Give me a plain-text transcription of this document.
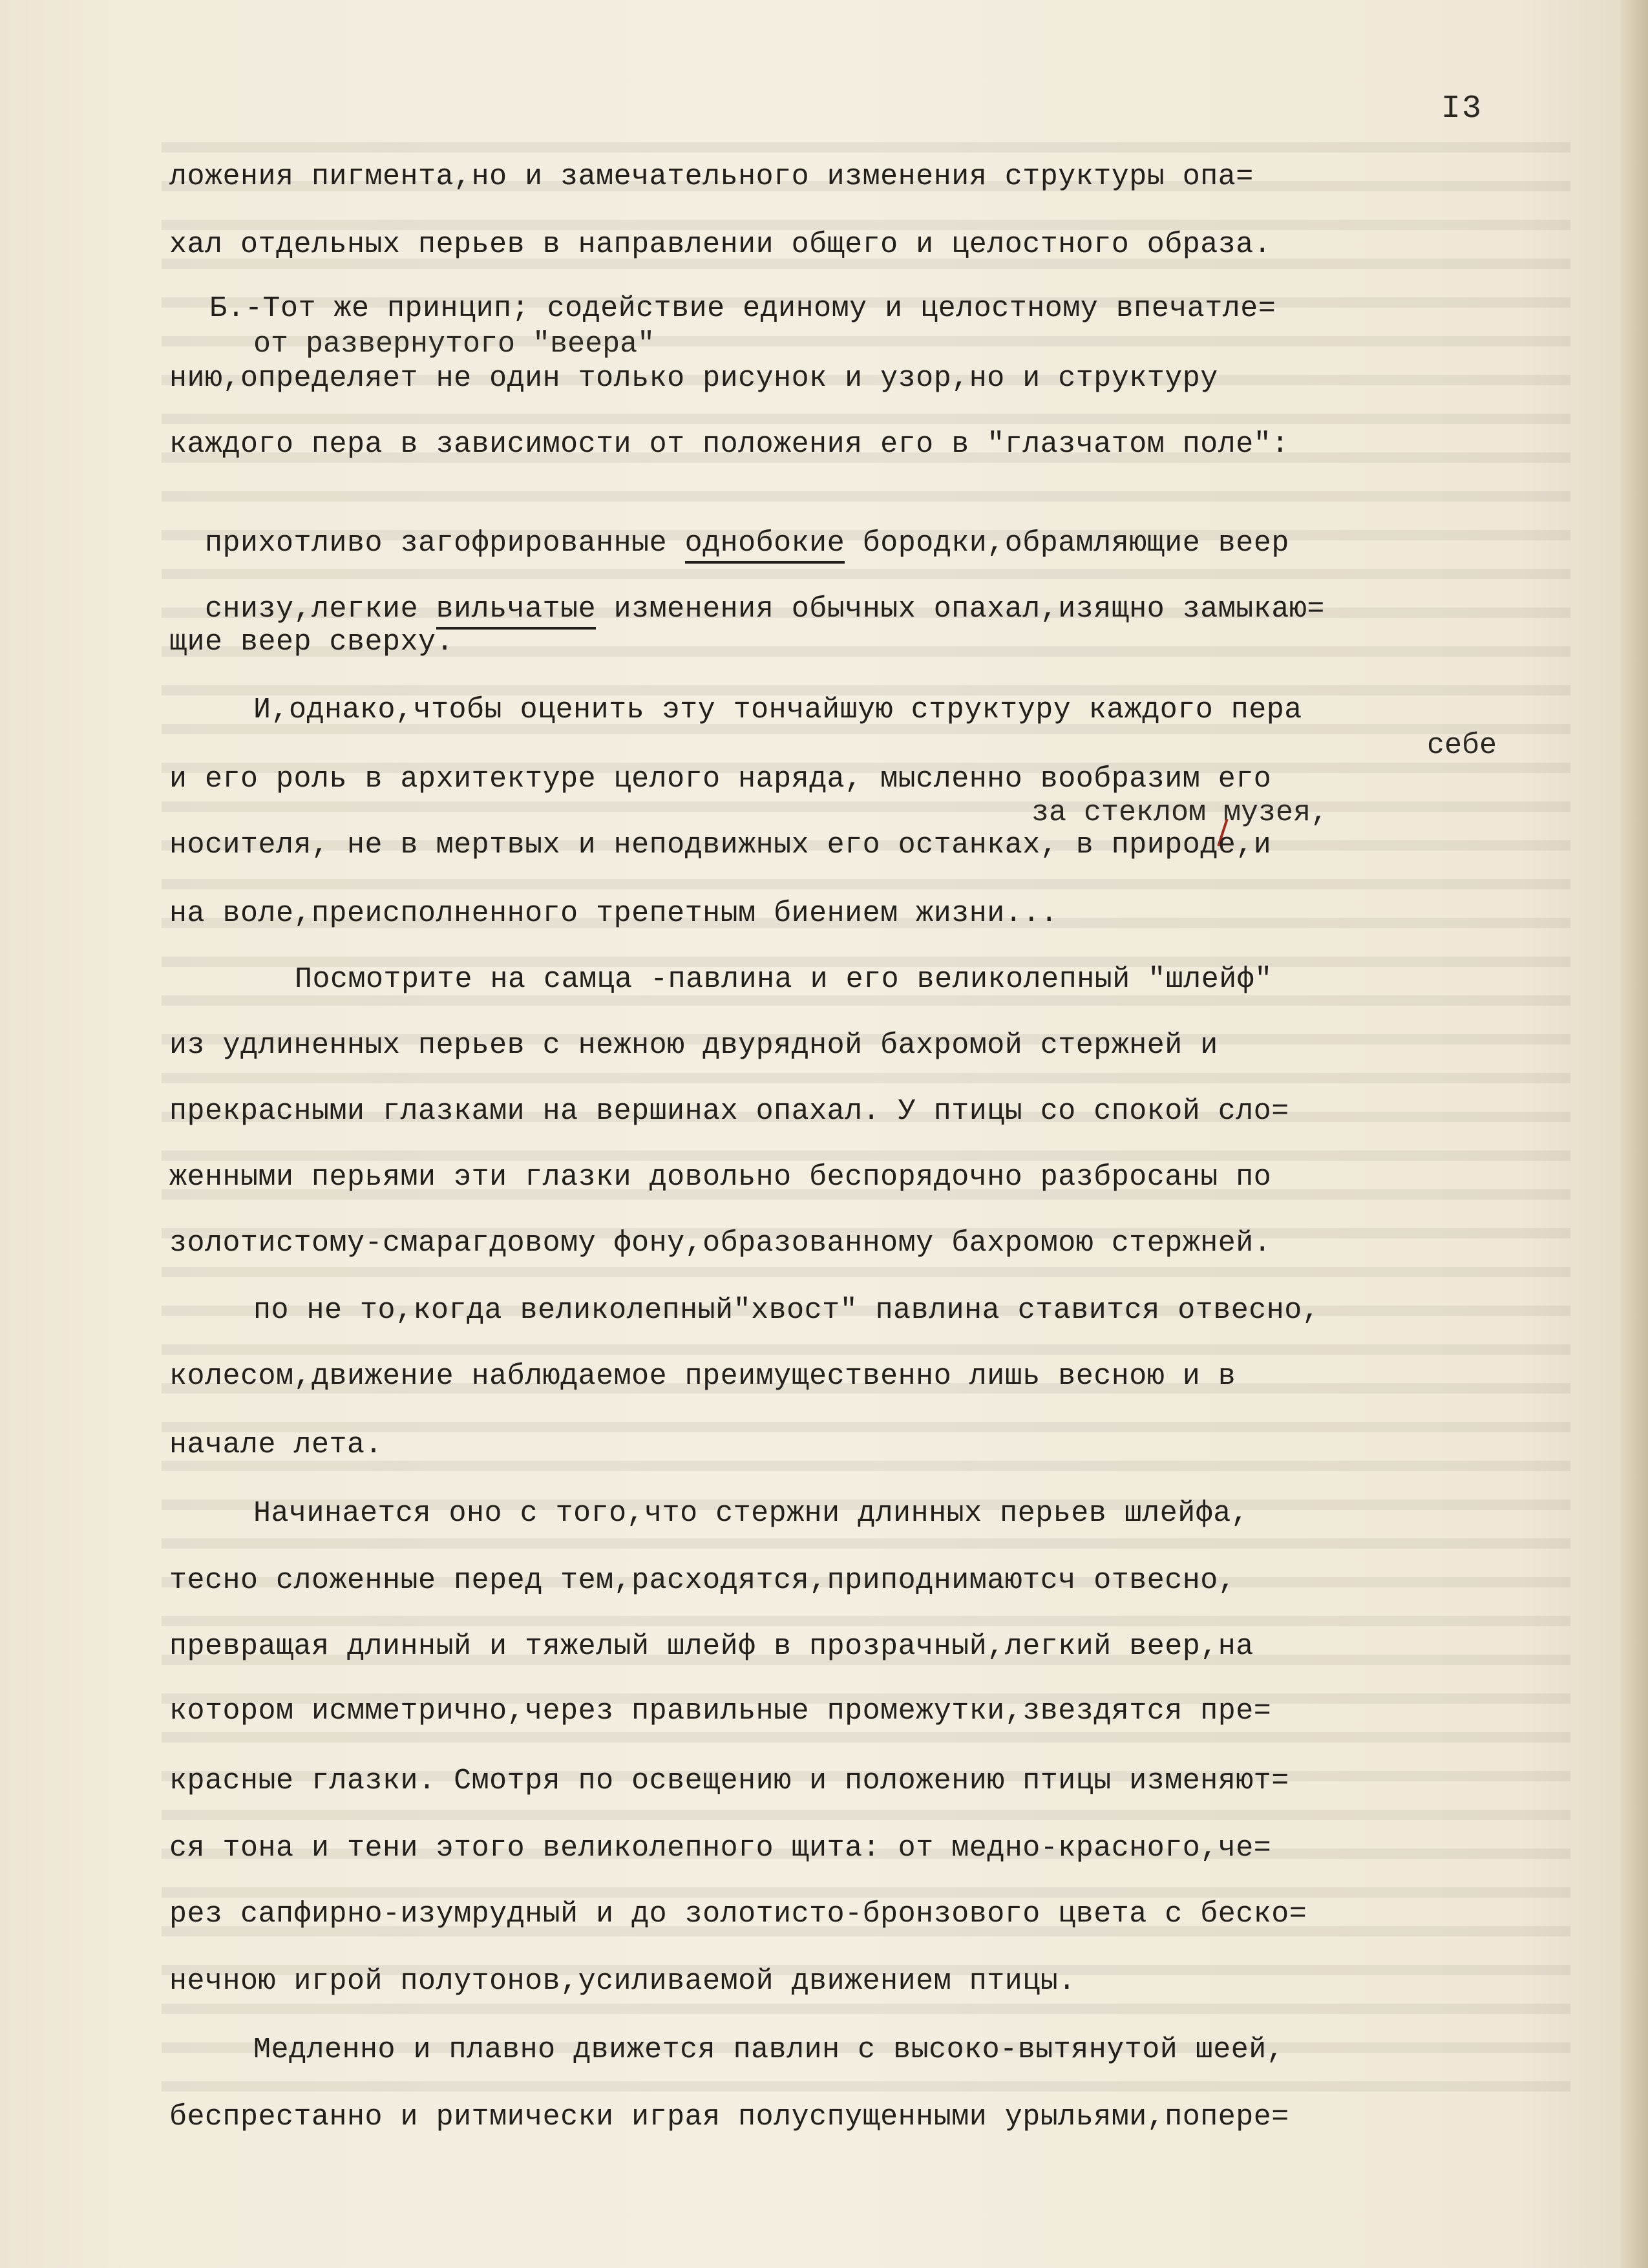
I3
ложения пигмента,но и замечательного изменения структуры опа=
хал отдельных перьев в направлении общего и целостного образа.
Б.-Тот же принцип; содействие единому и целостному впечатле=
от развернутого "веера"
нию,определяет не один только рисунок и узор,но и структуру
каждого пера в зависимости от положения его в "глазчатом поле":

прихотливо загофрированные однобокие бородки,обрамляющие веер

снизу,легкие вильчатые изменения обычных опахал,изящно замыкаю=

щие веер сверху.
И,однако,чтобы оценить эту тончайшую структуру каждого пера
себе
и его роль в архитектуре целого наряда, мысленно вообразим его
за стеклом музея,
носителя, не в мертвых и неподвижных его останках, в природе,и
на воле,преисполненного трепетным биением жизни...
Посмотрите на самца -павлина и его великолепный "шлейф"
из удлиненных перьев с нежною двурядной бахромой стержней и
прекрасными глазками на вершинах опахал. У птицы со спокой сло=
женными перьями эти глазки довольно беспорядочно разбросаны по
золотистому-смарагдовому фону,образованному бахромою стержней.
по не то,когда великолепный"хвост" павлина ставится отвесно,
колесом,движение наблюдаемое преимущественно лишь весною и в
начале лета.
Начинается оно с того,что стержни длинных перьев шлейфа,
тесно сложенные перед тем,расходятся,приподнимаютсч отвесно,
превращая длинный и тяжелый шлейф в прозрачный,легкий веер,на
котором исмметрично,через правильные промежутки,звездятся пре=
красные глазки. Смотря по освещению и положению птицы изменяют=
ся тона и тени этого великолепного щита: от медно-красного,че=
рез сапфирно-изумрудный и до золотисто-бронзового цвета с беско=
нечною игрой полутонов,усиливаемой движением птицы.
Медленно и плавно движется павлин с высоко-вытянутой шеей,
беспрестанно и ритмически играя полуспущенными урыльями,попере=
